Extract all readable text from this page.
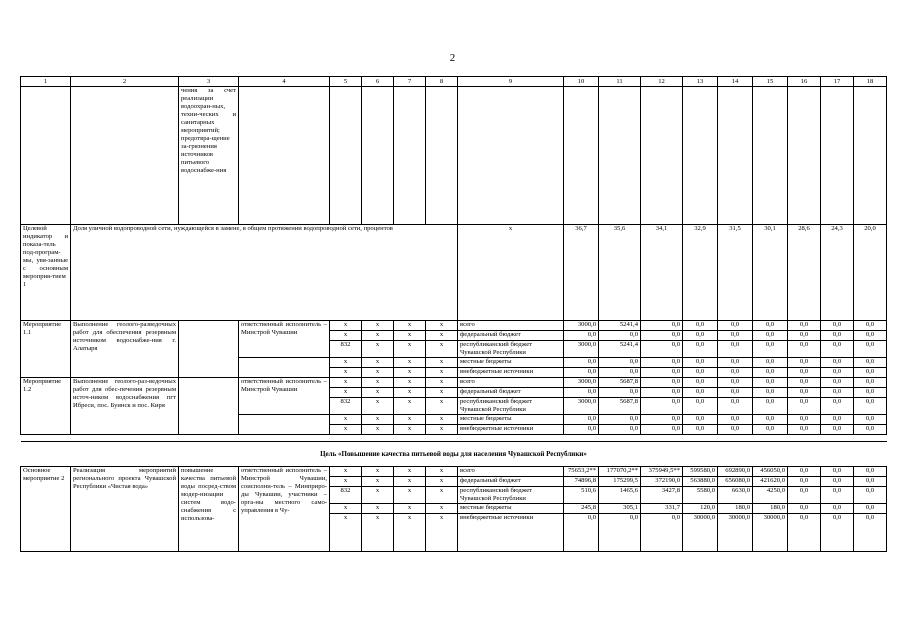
2
1	2	3	4	5	6	7	8	9	10	11	12	13	14	15	16	17	18
		чения за счет реализации водоохран-ных, техни-ческих и санитарных мероприятий; предотвра-щение за-грязнения источников питьевого водоснабже-ния															
Целевой индикатор и показа-тель под-програм-мы, увя-занные с основным мероприя-тием 1	Доля уличной водопроводной сети, нуждающейся в замене, в общем протяжении водопроводной сети, процентов							x	36,7	35,6	34,1	32,9	31,5	30,1	28,6	24,3	20,0
Мероприятие 1.1	Выполнение геолого-разведочных работ для обеспечения резервным источником водоснабже-ния г. Алатыря		ответственный исполнитель – Минстрой Чувашии	x	x	x	x	всего	3000,0	5241,4	0,0	0,0	0,0	0,0	0,0	0,0	0,0
				x	x	x	x	федеральный бюджет	0,0	0,0	0,0	0,0	0,0	0,0	0,0	0,0	0,0
				832	x	x	x	республиканский бюджет Чувашской Республики	3000,0	5241,4	0,0	0,0	0,0	0,0	0,0	0,0	0,0
				x	x	x	x	местные бюджеты	0,0	0,0	0,0	0,0	0,0	0,0	0,0	0,0	0,0
				x	x	x	x	внебюджетные источники	0,0	0,0	0,0	0,0	0,0	0,0	0,0	0,0	0,0
Мероприятие 1.2	Выполнение геолого-раз-ведочных работ для обес-печения резервным источ-ником водоснабжения пгт Ибреси, пос. Буинск и пос. Киря		ответственный исполнитель – Минстрой Чувашии	x	x	x	x	всего	3000,0	5687,8	0,0	0,0	0,0	0,0	0,0	0,0	0,0
				x	x	x	x	федеральный бюджет	0,0	0,0	0,0	0,0	0,0	0,0	0,0	0,0	0,0
				832	x	x	x	республиканский бюджет Чувашской Республики	3000,0	5687,8	0,0	0,0	0,0	0,0	0,0	0,0	0,0
				x	x	x	x	местные бюджеты	0,0	0,0	0,0	0,0	0,0	0,0	0,0	0,0	0,0
				x	x	x	x	внебюджетные источники	0,0	0,0	0,0	0,0	0,0	0,0	0,0	0,0	0,0

Цель «Повышение качества питьевой воды для населения Чувашской Республики»																	
Основное мероприятие 2	Реализация мероприятий регионального проекта Чувашской Республики «Чистая вода»	повышение качества питьевой воды посред-ством модер-низации систем водо-снабжения с использова-	ответственный исполнитель – Минстрой Чувашии, соисполни-тель – Минприро-ды Чувашии, участники – орга-ны местного само-управления в Чу-	x	x	x	x	всего	75653,2**	177070,2**	375949,5**	599580,0	692890,0	456050,0	0,0	0,0	0,0
				x	x	x	x	федеральный бюджет	74896,8	175299,5	372190,0	563880,0	656080,0	421620,0	0,0	0,0	0,0
				832	x	x	x	республиканский бюджет Чувашской Республики	510,6	1465,6	3427,8	5580,0	6630,0	4250,0	0,0	0,0	0,0
				x	x	x	x	местные бюджеты	245,8	305,1	331,7	120,0	180,0	180,0	0,0	0,0	0,0
				x	x	x	x	внебюджетные источники	0,0	0,0	0,0	30000,0	30000,0	30000,0	0,0	0,0	0,0
